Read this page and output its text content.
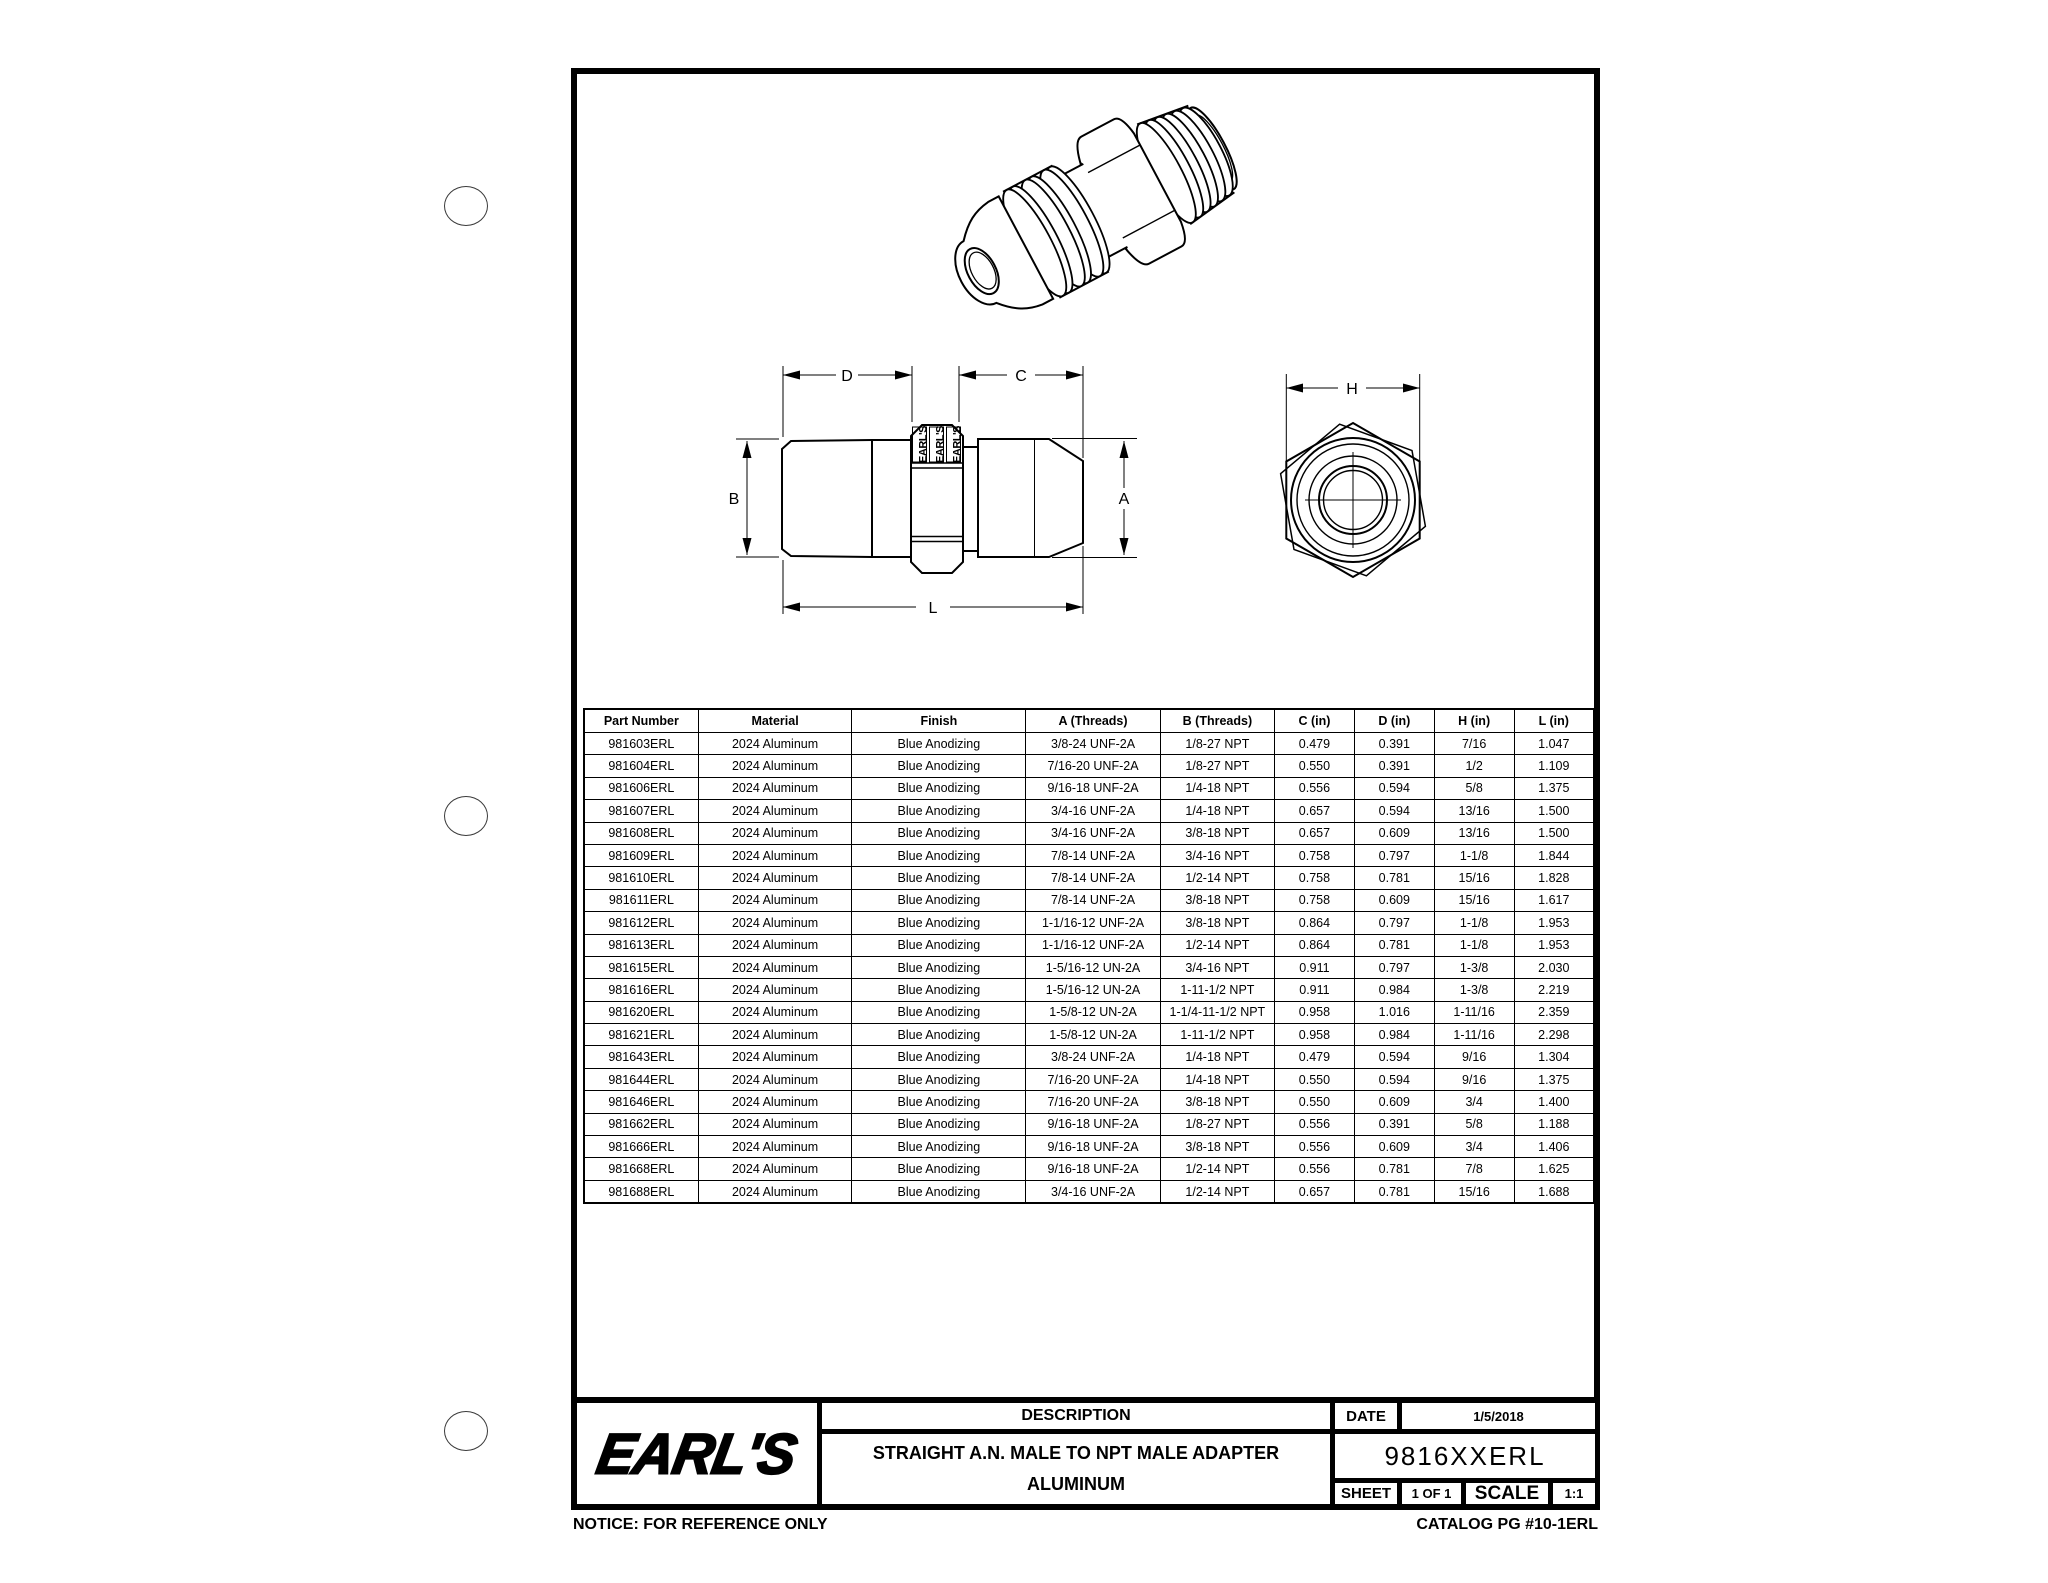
EARL'S EARL'S EARL'S
D	C
B	A
L
H
Part Number	Material	Finish	A (Threads)	B (Threads)	C (in)	D (in)	H (in)	L (in)
981603ERL	2024 Aluminum	Blue Anodizing	3/8-24 UNF-2A	1/8-27 NPT	0.479	0.391	7/16	1.047
981604ERL	2024 Aluminum	Blue Anodizing	7/16-20 UNF-2A	1/8-27 NPT	0.550	0.391	1/2	1.109
981606ERL	2024 Aluminum	Blue Anodizing	9/16-18 UNF-2A	1/4-18 NPT	0.556	0.594	5/8	1.375
981607ERL	2024 Aluminum	Blue Anodizing	3/4-16 UNF-2A	1/4-18 NPT	0.657	0.594	13/16	1.500
981608ERL	2024 Aluminum	Blue Anodizing	3/4-16 UNF-2A	3/8-18 NPT	0.657	0.609	13/16	1.500
981609ERL	2024 Aluminum	Blue Anodizing	7/8-14 UNF-2A	3/4-16 NPT	0.758	0.797	1-1/8	1.844
981610ERL	2024 Aluminum	Blue Anodizing	7/8-14 UNF-2A	1/2-14 NPT	0.758	0.781	15/16	1.828
981611ERL	2024 Aluminum	Blue Anodizing	7/8-14 UNF-2A	3/8-18 NPT	0.758	0.609	15/16	1.617
981612ERL	2024 Aluminum	Blue Anodizing	1-1/16-12 UNF-2A	3/8-18 NPT	0.864	0.797	1-1/8	1.953
981613ERL	2024 Aluminum	Blue Anodizing	1-1/16-12 UNF-2A	1/2-14 NPT	0.864	0.781	1-1/8	1.953
981615ERL	2024 Aluminum	Blue Anodizing	1-5/16-12 UN-2A	3/4-16 NPT	0.911	0.797	1-3/8	2.030
981616ERL	2024 Aluminum	Blue Anodizing	1-5/16-12 UN-2A	1-11-1/2 NPT	0.911	0.984	1-3/8	2.219
981620ERL	2024 Aluminum	Blue Anodizing	1-5/8-12 UN-2A	1-1/4-11-1/2 NPT	0.958	1.016	1-11/16	2.359
981621ERL	2024 Aluminum	Blue Anodizing	1-5/8-12 UN-2A	1-11-1/2 NPT	0.958	0.984	1-11/16	2.298
981643ERL	2024 Aluminum	Blue Anodizing	3/8-24 UNF-2A	1/4-18 NPT	0.479	0.594	9/16	1.304
981644ERL	2024 Aluminum	Blue Anodizing	7/16-20 UNF-2A	1/4-18 NPT	0.550	0.594	9/16	1.375
981646ERL	2024 Aluminum	Blue Anodizing	7/16-20 UNF-2A	3/8-18 NPT	0.550	0.609	3/4	1.400
981662ERL	2024 Aluminum	Blue Anodizing	9/16-18 UNF-2A	1/8-27 NPT	0.556	0.391	5/8	1.188
981666ERL	2024 Aluminum	Blue Anodizing	9/16-18 UNF-2A	3/8-18 NPT	0.556	0.609	3/4	1.406
981668ERL	2024 Aluminum	Blue Anodizing	9/16-18 UNF-2A	1/2-14 NPT	0.556	0.781	7/8	1.625
981688ERL	2024 Aluminum	Blue Anodizing	3/4-16 UNF-2A	1/2-14 NPT	0.657	0.781	15/16	1.688
EARL'S
DESCRIPTION
STRAIGHT A.N. MALE TO NPT MALE ADAPTER
ALUMINUM
DATE	1/5/2018
9816XXERL
SHEET	1 OF 1	SCALE	1:1
NOTICE: FOR REFERENCE ONLY	CATALOG PG #10-1ERL
